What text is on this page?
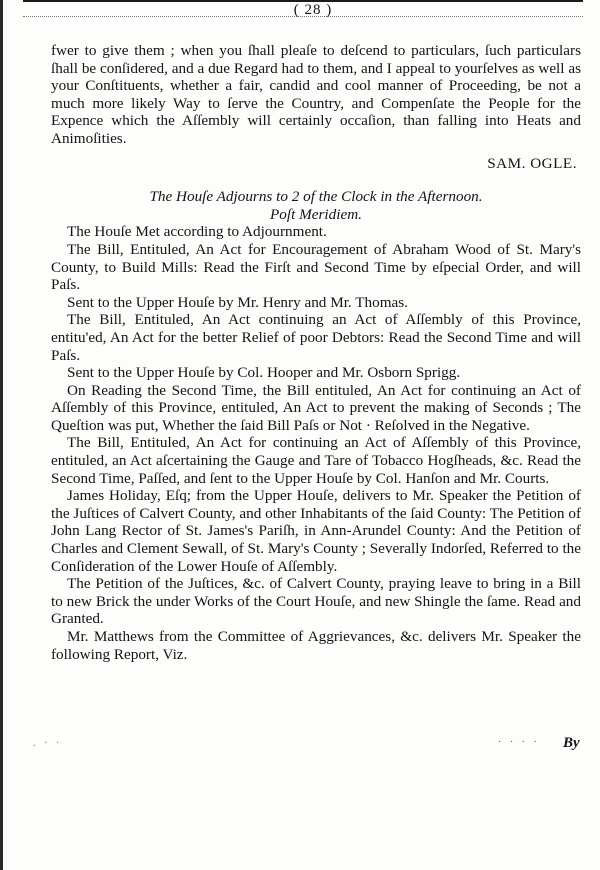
( 28 )

fwer to give them ; when you ſhall pleaſe to deſcend to particulars, ſuch particulars ſhall be conſidered, and a due Regard had to them, and I appeal to yourſelves as well as your Conſtituents, whether a fair, candid and cool manner of Proceeding, be not a much more likely Way to ſerve the Country, and Compenſate the People for the Expence which the Aſſembly will certainly occaſion, than falling into Heats and Animoſities.

SAM. OGLE.

The Houſe Adjourns to 2 of the Clock in the Afternoon.

Poſt Meridiem.

The Houſe Met according to Adjournment.

The Bill, Entituled, An Act for Encouragement of Abraham Wood of St. Mary's County, to Build Mills: Read the Firſt and Second Time by eſpecial Order, and will Paſs.

Sent to the Upper Houſe by Mr. Henry and Mr. Thomas.

The Bill, Entituled, An Act continuing an Act of Aſſembly of this Province, entitu'ed, An Act for the better Relief of poor Debtors: Read the Second Time and will Paſs.

Sent to the Upper Houſe by Col. Hooper and Mr. Osborn Sprigg.

On Reading the Second Time, the Bill entituled, An Act for continuing an Act of Aſſembly of this Province, entituled, An Act to prevent the making of Seconds ; The Queſtion was put, Whether the ſaid Bill Paſs or Not · Reſolved in the Negative.

The Bill, Entituled, An Act for continuing an Act of Aſſembly of this Province, entituled, an Act aſcertaining the Gauge and Tare of Tobacco Hogſheads, &c. Read the Second Time, Paſſed, and ſent to the Upper Houſe by Col. Hanſon and Mr. Courts.

James Holiday, Eſq; from the Upper Houſe, delivers to Mr. Speaker the Petition of the Juſtices of Calvert County, and other Inhabitants of the ſaid County: The Petition of John Lang Rector of St. James's Pariſh, in Ann-Arundel County: And the Petition of Charles and Clement Sewall, of St. Mary's County ; Severally Indorſed, Referred to the Conſideration of the Lower Houſe of Aſſembly.

The Petition of the Juſtices, &c. of Calvert County, praying leave to bring in a Bill to new Brick the under Works of the Court Houſe, and new Shingle the ſame. Read and Granted.

Mr. Matthews from the Committee of Aggrievances, &c. delivers Mr. Speaker the following Report, Viz.

. · ·	· · · · By
